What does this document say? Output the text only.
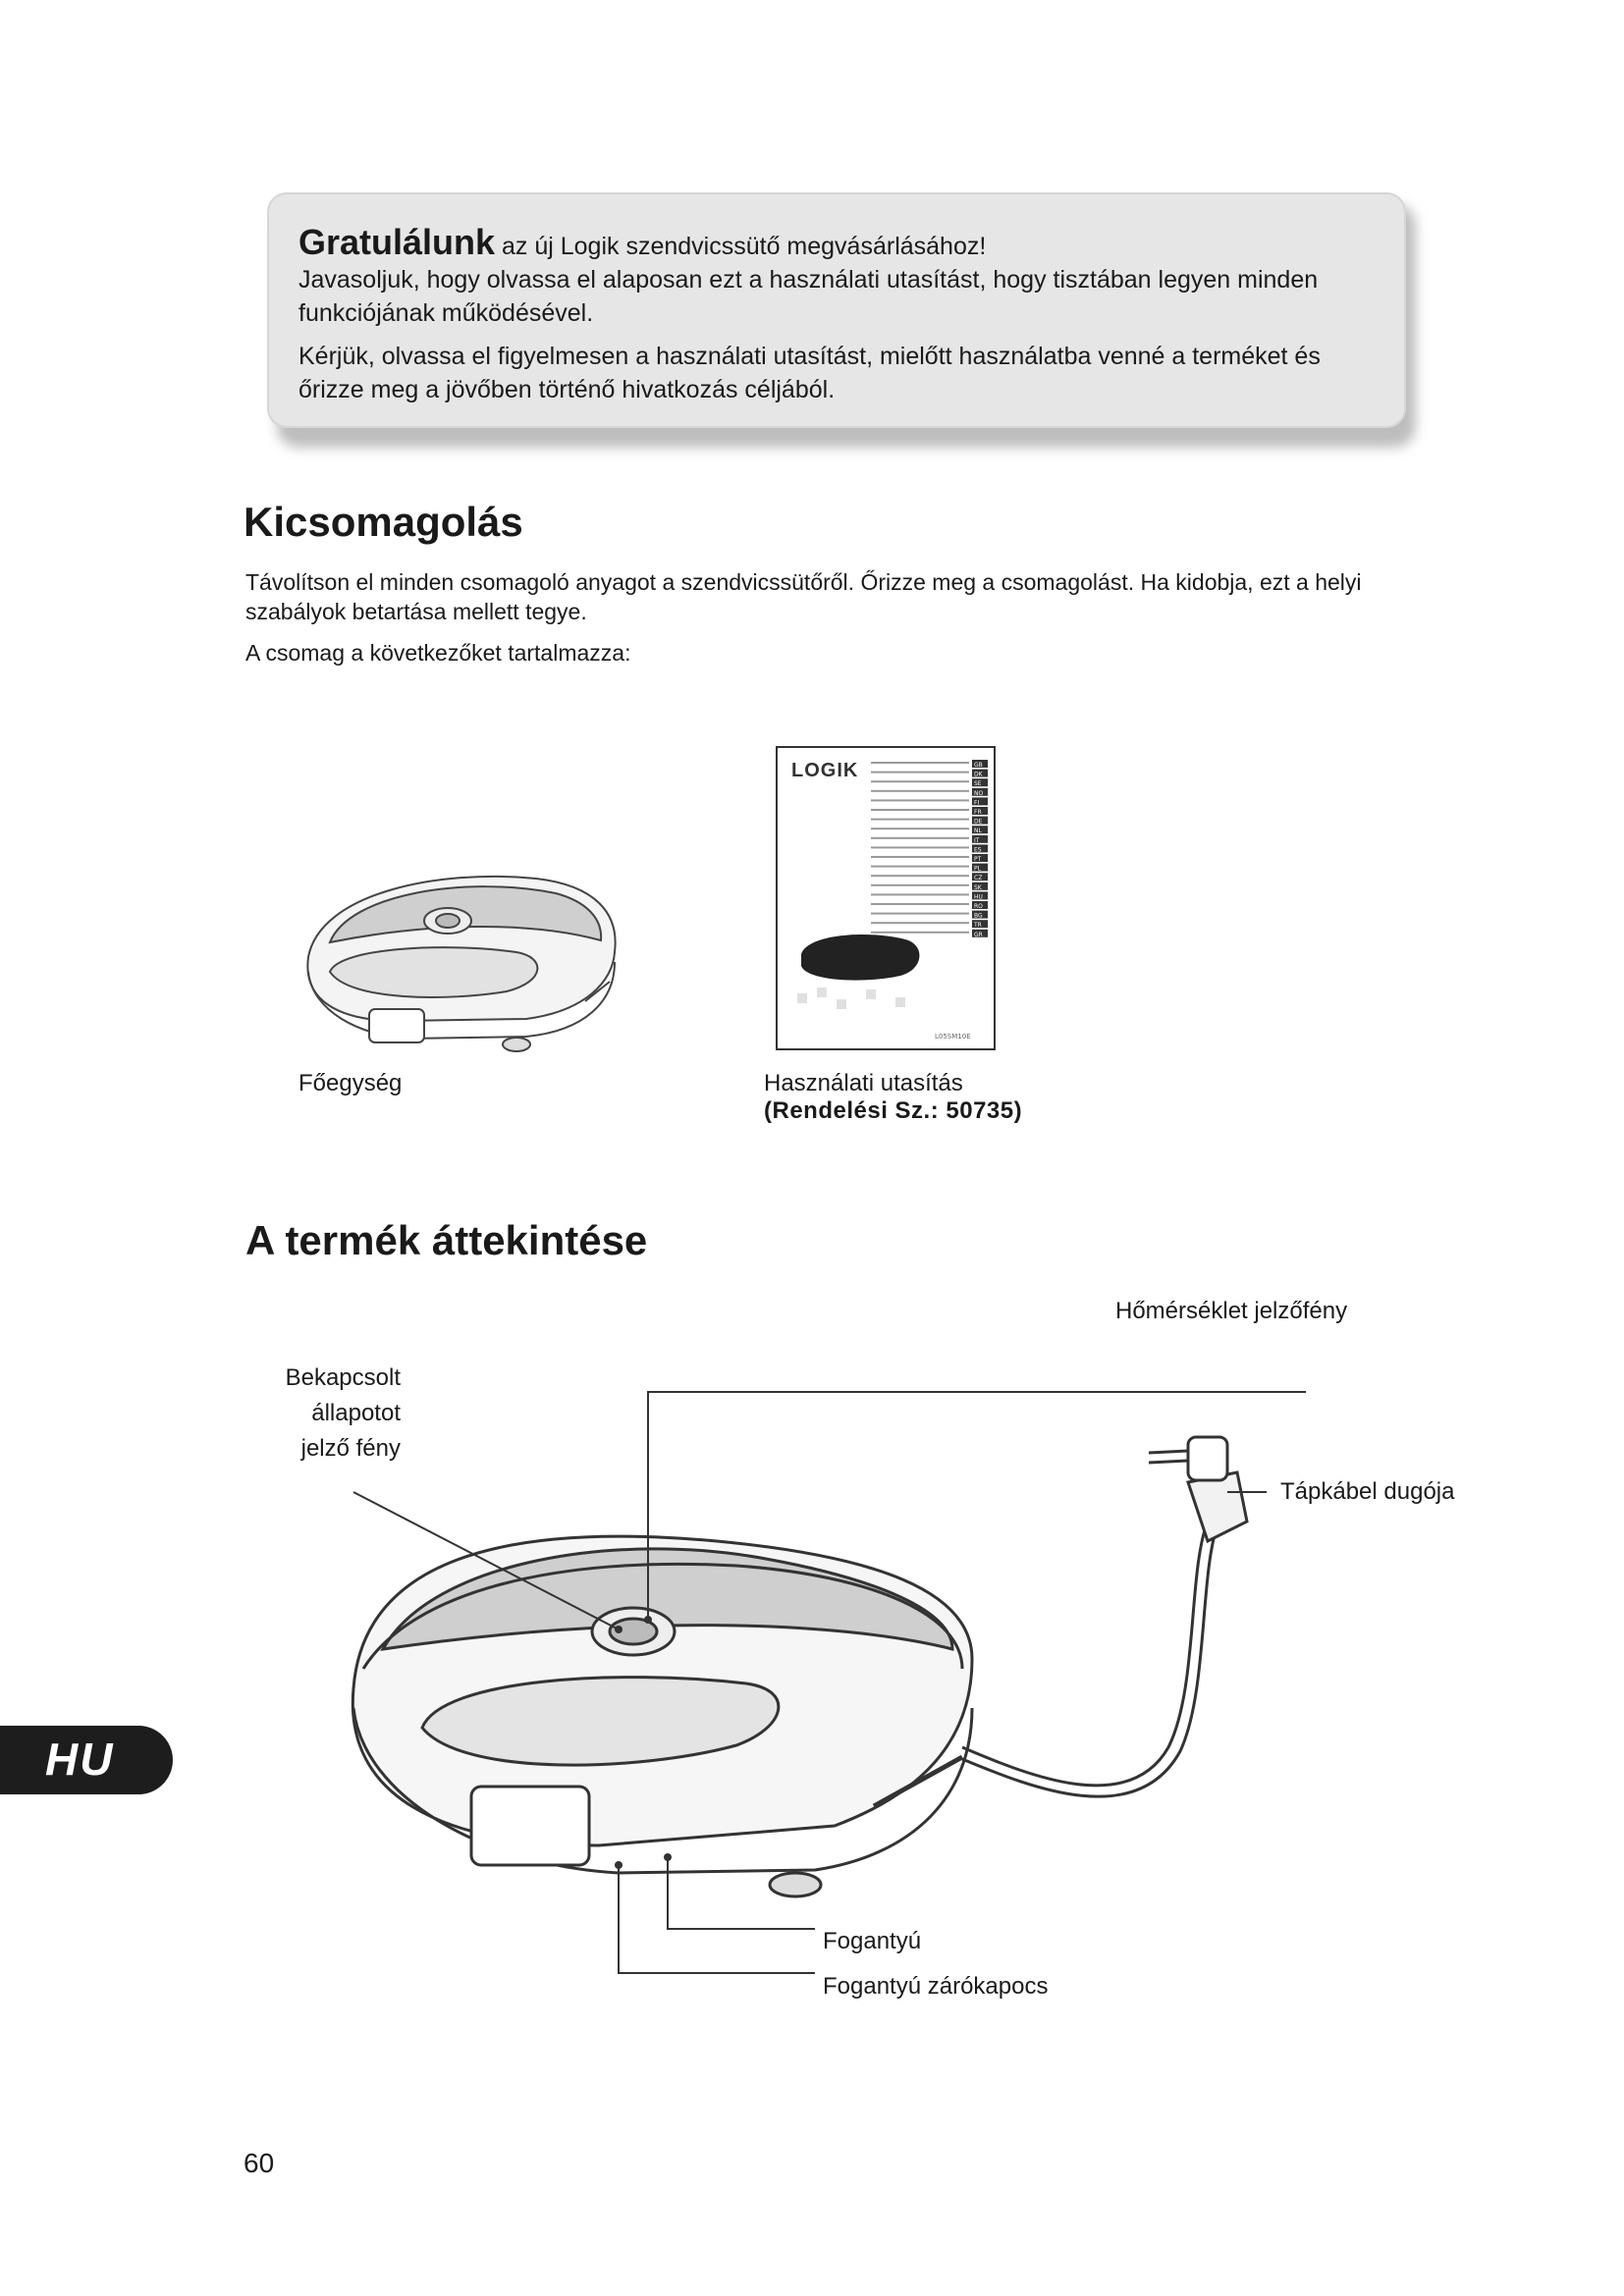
Gratulálunk az új Logik szendvicssütő megvásárlásához!

Javasoljuk, hogy olvassa el alaposan ezt a használati utasítást, hogy tisztában legyen minden funkciójának működésével.

Kérjük, olvassa el figyelmesen a használati utasítást, mielőtt használatba venné a terméket és őrizze meg a jövőben történő hivatkozás céljából.

Kicsomagolás
Távolítson el minden csomagoló anyagot a szendvicssütőről. Őrizze meg a csomagolást. Ha kidobja, ezt a helyi szabályok betartása mellett tegye.
A csomag a következőket tartalmazza:
Főegység
LOGIK	GB
DK
SE
NO
FI
FR
DE
NL
IT
ES
PT
PL
CZ
SK
HU
RO
BG
TR
GR
L05SM10E
Használati utasítás
(Rendelési Sz.: 50735)
A termék áttekintése
Hőmérséklet jelzőfény
Bekapcsolt
állapotot
jelző fény
Tápkábel dugója
Fogantyú
Fogantyú zárókapocs
HU
60
